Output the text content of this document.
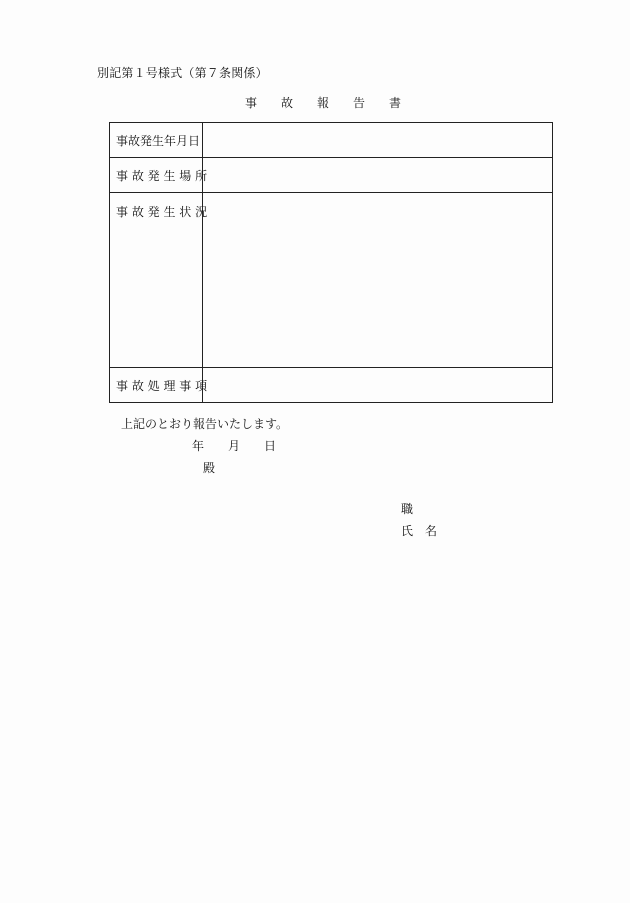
別記第１号様式（第７条関係）
事　　故　　報　　告　　書
事故発生年月日	
事 故 発 生 場 所	
事 故 発 生 状 況	
事 故 処 理 事 項	
上記のとおり報告いたします。
年　　月　　日
殿
職
氏　名
